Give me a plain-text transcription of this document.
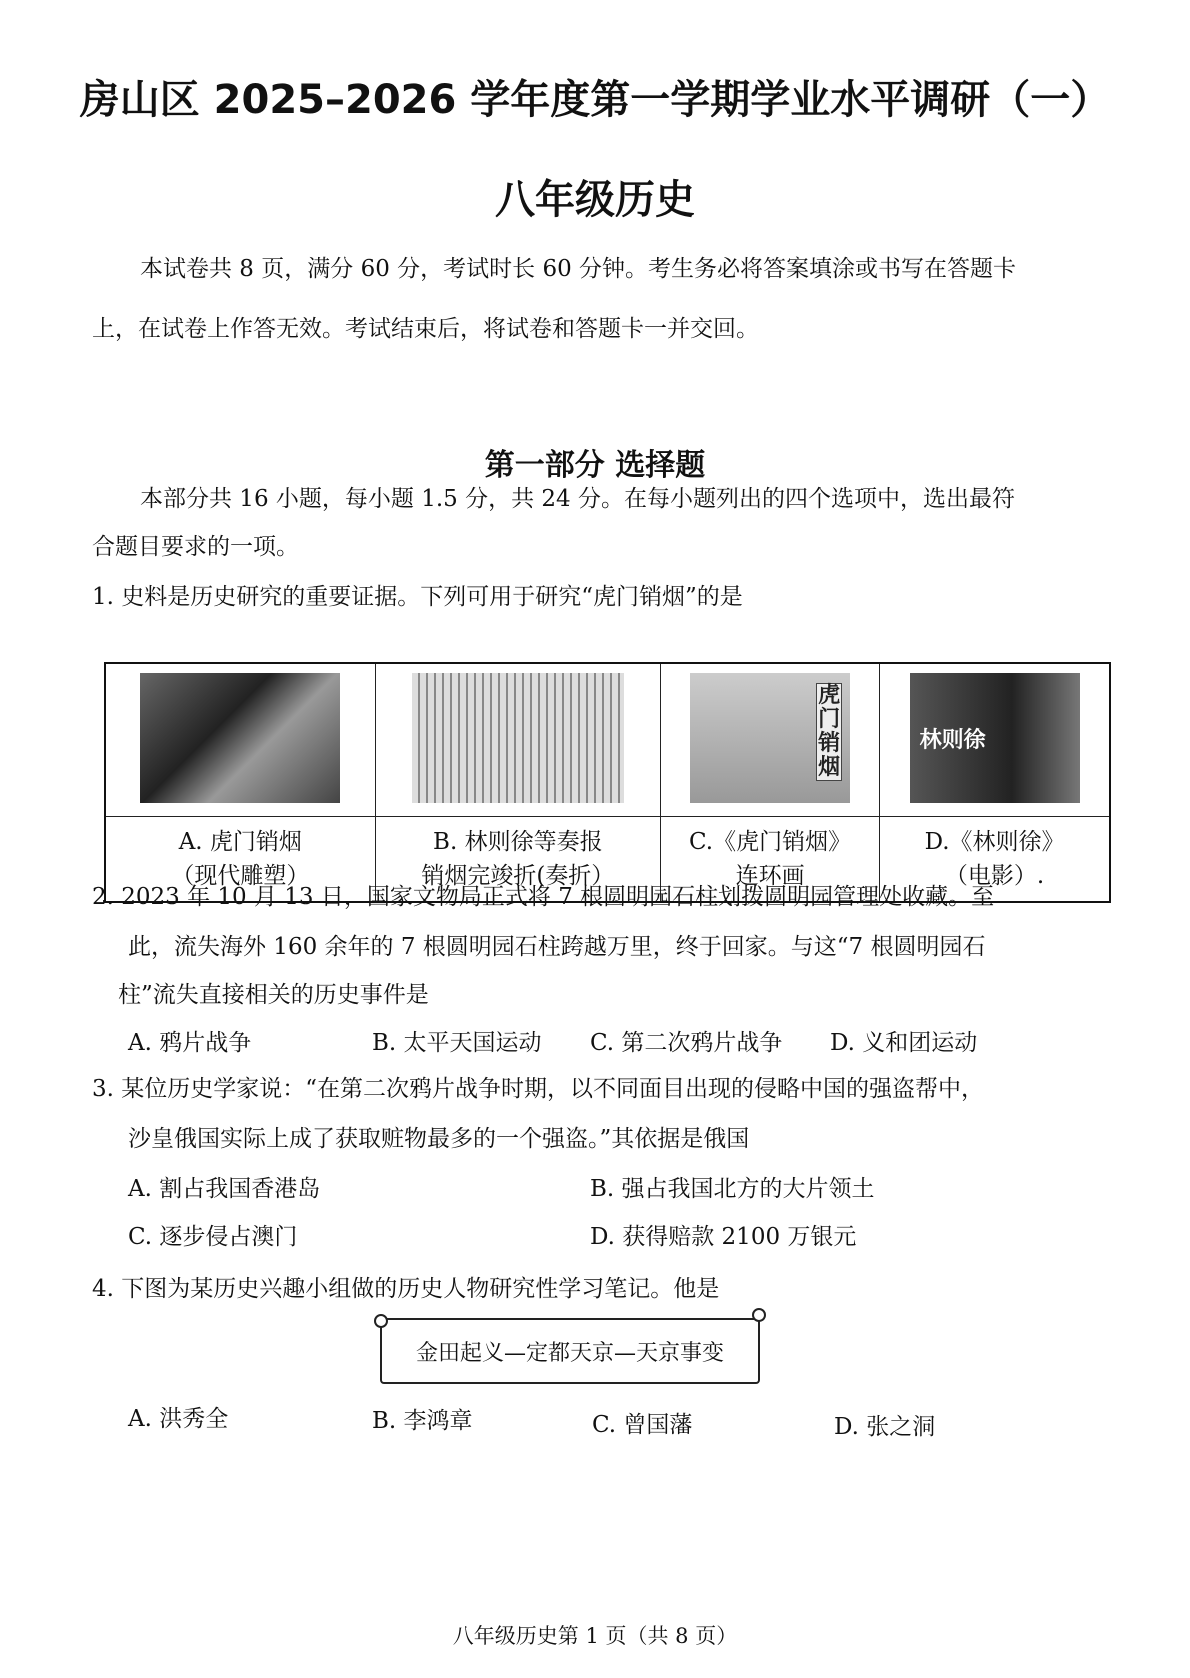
房山区 2025–2026 学年度第一学期学业水平调研（一）
八年级历史
本试卷共 8 页，满分 60 分，考试时长 60 分钟。考生务必将答案填涂或书写在答题卡
上，在试卷上作答无效。考试结束后，将试卷和答题卡一并交回。
第一部分 选择题
本部分共 16 小题，每小题 1.5 分，共 24 分。在每小题列出的四个选项中，选出最符
合题目要求的一项。
1. 史料是历史研究的重要证据。下列可用于研究“虎门销烟”的是

		虎门销烟	林则徐

A. 虎门销烟
（现代雕塑）

B. 林则徐等奏报
销烟完竣折(奏折）

C.《虎门销烟》
连环画

D.《林则徐》
（电影）.
2. 2023 年 10 月 13 日，国家文物局正式将 7 根圆明园石柱划拨圆明园管理处收藏。至
此，流失海外 160 余年的 7 根圆明园石柱跨越万里，终于回家。与这“7 根圆明园石
柱”流失直接相关的历史事件是
A. 鸦片战争	B. 太平天国运动 C. 第二次鸦片战争 D. 义和团运动
3. 某位历史学家说：“在第二次鸦片战争时期，以不同面目出现的侵略中国的强盗帮中，
沙皇俄国实际上成了获取赃物最多的一个强盗。”其依据是俄国
A. 割占我国香港岛	B. 强占我国北方的大片领土
C. 逐步侵占澳门	D. 获得赔款 2100 万银元
4. 下图为某历史兴趣小组做的历史人物研究性学习笔记。他是
金田起义—定都天京—天京事变
A. 洪秀全	B. 李鸿章	C. 曾国藩	D. 张之洞
八年级历史第 1 页（共 8 页）
